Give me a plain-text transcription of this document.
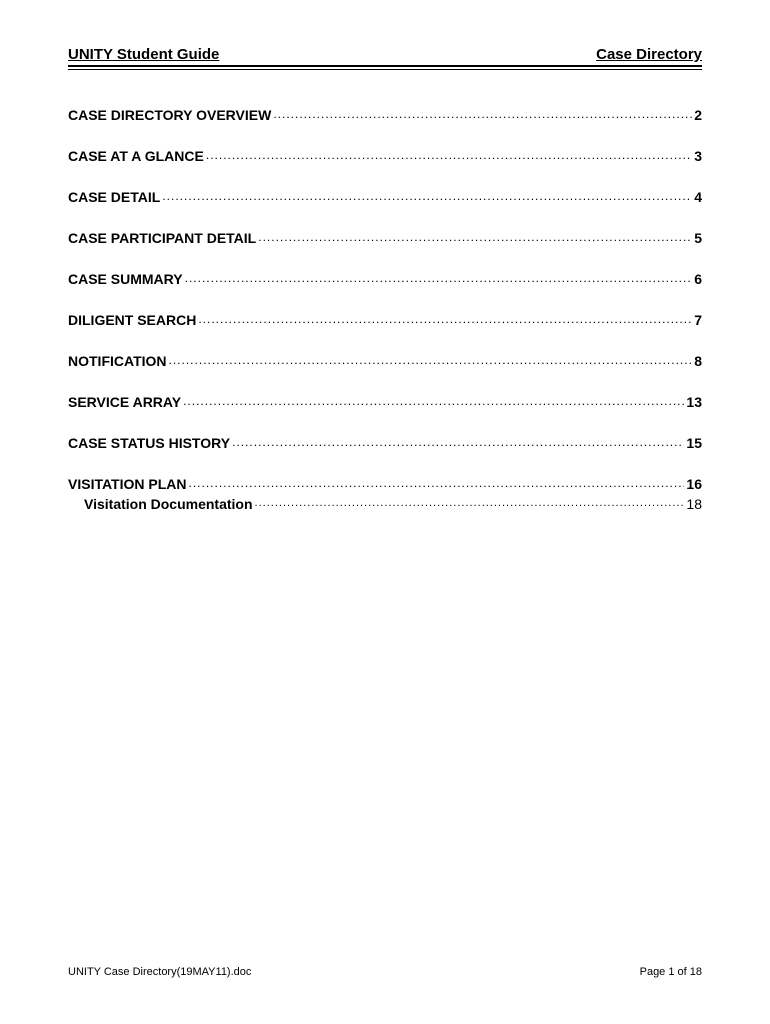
UNITY Student Guide	Case Directory
CASE DIRECTORY OVERVIEW .....	2
CASE AT A GLANCE .....	3
CASE DETAIL .....	4
CASE PARTICIPANT DETAIL .....	5
CASE SUMMARY .....	6
DILIGENT SEARCH .....	7
NOTIFICATION .....	8
SERVICE ARRAY .....	13
CASE STATUS HISTORY .....	15
VISITATION PLAN .....	16
Visitation Documentation .....	18
UNITY Case Directory(19MAY11).doc	Page 1 of 18
